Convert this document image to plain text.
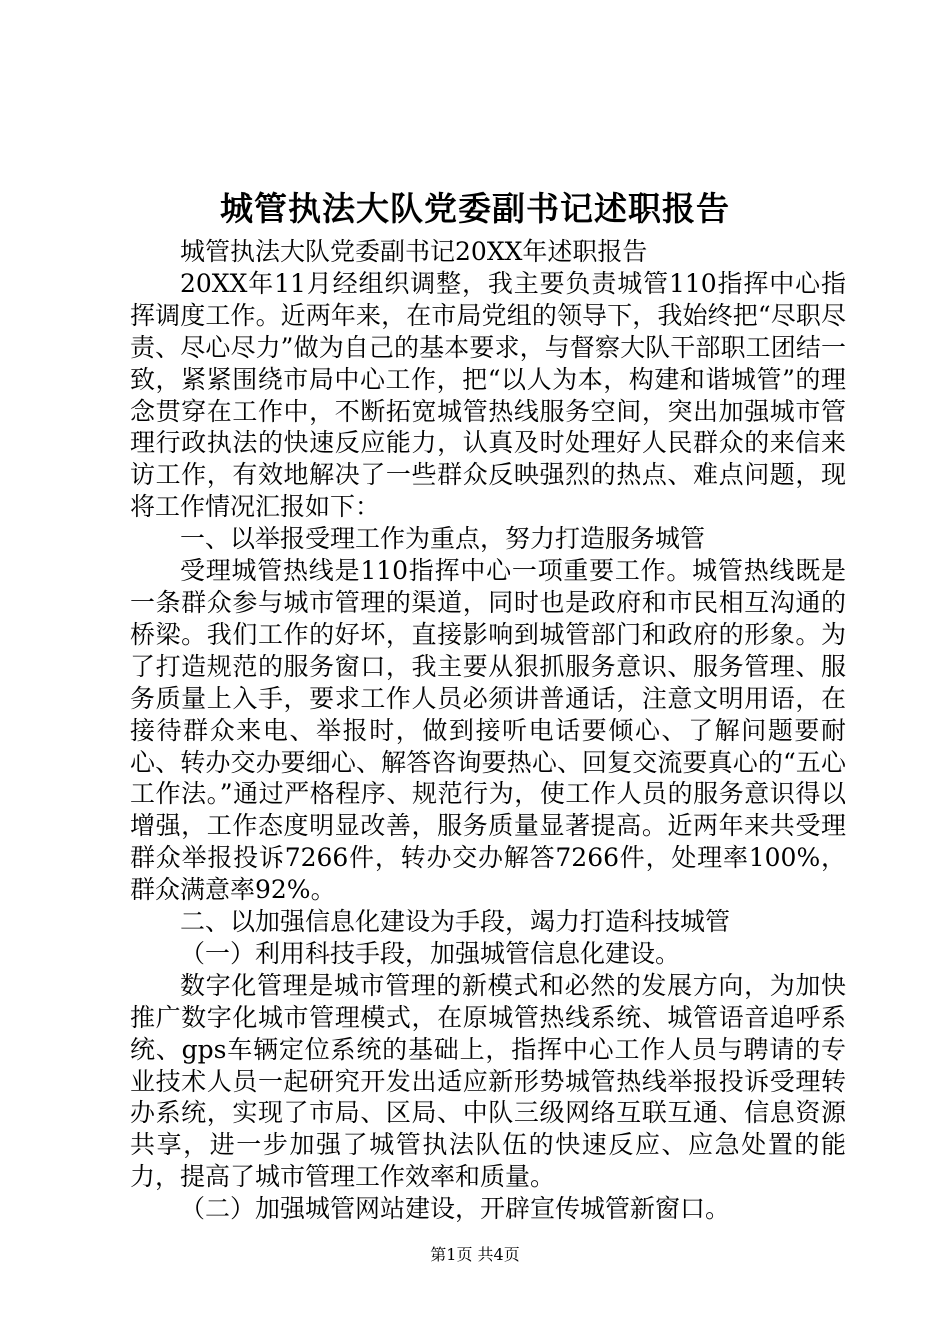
城管执法大队党委副书记述职报告

城管执法大队党委副书记20XX年述职报告

20XX年11月经组织调整，我主要负责城管110指挥中心指挥调度工作。近两年来，在市局党组的领导下，我始终把“尽职尽责、尽心尽力”做为自己的基本要求，与督察大队干部职工团结一致，紧紧围绕市局中心工作，把“以人为本，构建和谐城管”的理念贯穿在工作中，不断拓宽城管热线服务空间，突出加强城市管理行政执法的快速反应能力，认真及时处理好人民群众的来信来访工作，有效地解决了一些群众反映强烈的热点、难点问题，现将工作情况汇报如下：

一、以举报受理工作为重点，努力打造服务城管

受理城管热线是110指挥中心一项重要工作。城管热线既是一条群众参与城市管理的渠道，同时也是政府和市民相互沟通的桥梁。我们工作的好坏，直接影响到城管部门和政府的形象。为了打造规范的服务窗口，我主要从狠抓服务意识、服务管理、服务质量上入手，要求工作人员必须讲普通话，注意文明用语，在接待群众来电、举报时，做到接听电话要倾心、了解问题要耐心、转办交办要细心、解答咨询要热心、回复交流要真心的“五心工作法。”通过严格程序、规范行为，使工作人员的服务意识得以增强，工作态度明显改善，服务质量显著提高。近两年来共受理群众举报投诉7266件，转办交办解答7266件，处理率100%，群众满意率92%。

二、以加强信息化建设为手段，竭力打造科技城管

（一）利用科技手段，加强城管信息化建设。

数字化管理是城市管理的新模式和必然的发展方向，为加快推广数字化城市管理模式，在原城管热线系统、城管语音追呼系统、gps车辆定位系统的基础上，指挥中心工作人员与聘请的专业技术人员一起研究开发出适应新形势城管热线举报投诉受理转办系统，实现了市局、区局、中队三级网络互联互通、信息资源共享，进一步加强了城管执法队伍的快速反应、应急处置的能力，提高了城市管理工作效率和质量。

（二）加强城管网站建设，开辟宣传城管新窗口。

第1页 共4页
